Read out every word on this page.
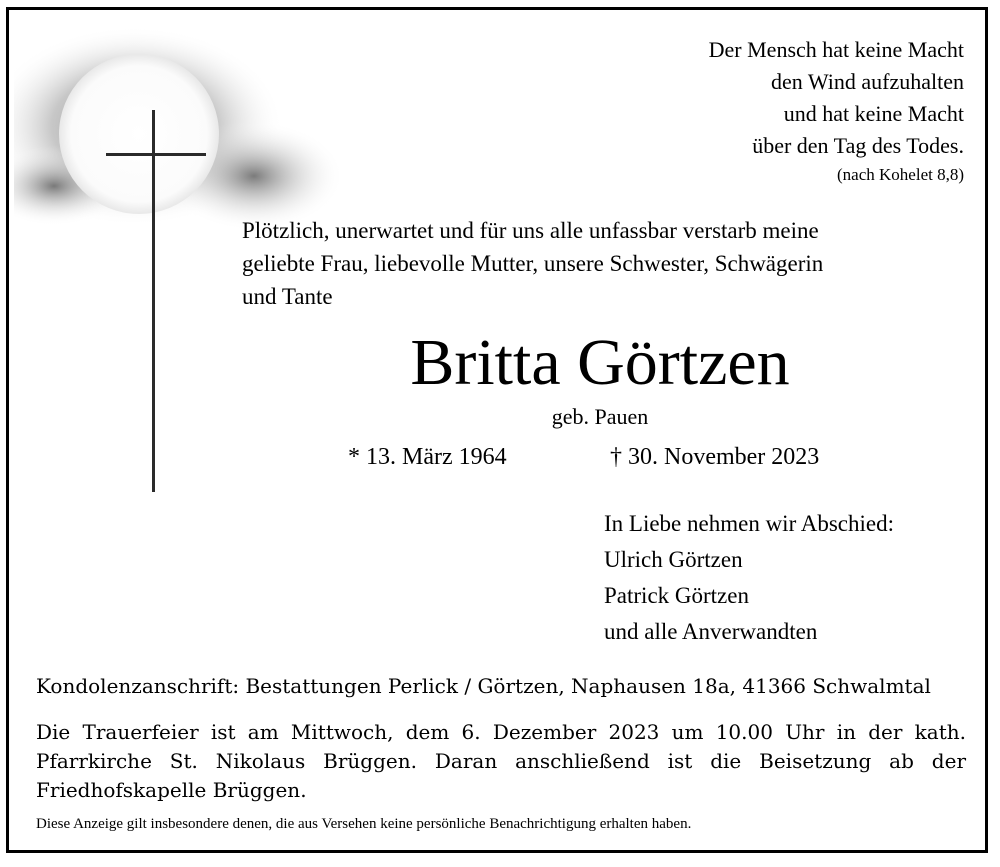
Der Mensch hat keine Macht
den Wind aufzuhalten
und hat keine Macht
über den Tag des Todes.
(nach Kohelet 8,8)
Plötzlich, unerwartet und für uns alle unfassbar verstarb meine
geliebte Frau, liebevolle Mutter, unsere Schwester, Schwägerin
und Tante
Britta Görtzen
geb. Pauen
* 13. März 1964	† 30. November 2023
In Liebe nehmen wir Abschied:
Ulrich Görtzen
Patrick Görtzen
und alle Anverwandten
Kondolenzanschrift: Bestattungen Perlick / Görtzen, Naphausen 18a, 41366 Schwalmtal
Die Trauerfeier ist am Mittwoch, dem 6. Dezember 2023 um 10.00 Uhr in der kath. Pfarrkirche St. Nikolaus Brüggen. Daran anschließend ist die Beisetzung ab der Friedhofskapelle Brüggen.
Diese Anzeige gilt insbesondere denen, die aus Versehen keine persönliche Benachrichtigung erhalten haben.
